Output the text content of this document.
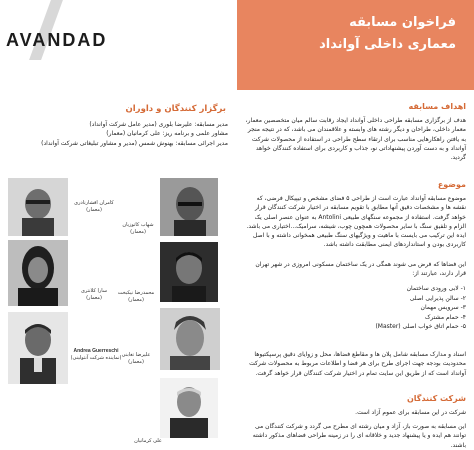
AVANDAD
فراخوان مسابقه
معماری داخلی آوانداد
برگزار کنندگان و داوران
مدیر مسابقه: علیرضا بلوری (مدیر عامل شرکت آوانداد)
مشاور علمی و برنامه ریز: علی کرمانیان (معمار)
مدیر اجرائی مسابقه: بهنوش شمس (مدیر و مشاور تبلیغاتی شرکت آوانداد)
کامران افشارنادری
(معمار)
شهاب کاتوزیان
(معمار)
سارا کلانتری
(معمار)
محمدرضا نیکبخت
(معمار)
Andrea Guerreschi
(نماینده شرکت آنتولینی) علیرضا تغابنی
(معمار)
علی کرمانیان
اهداف مسابقه
هدف از برگزاری مسابقه طراحی داخلی آوانداد ایجاد رقابت سالم میان متخصصین معمار، معمار داخلی، طراحان و دیگر رشته های وابسته و علاقمندان می باشد، که در نتیجه منجر به یافتن راهکارهایی مناسب برای ارتقاء سطح طراحی در استفاده از محصولات شرکت آوانداد و به دست آوردن پیشنهاداتی نو، جذاب و کاربردی برای استفاده کنندگان خواهد گردید.
موضوع
موضوع مسابقه آوانداد عبارت است از طراحی ۵ فضای مشخص و تیپیکال فرضی، که نقشه ها و مشخصات دقیق آنها مطابق با تقویم مسابقه در اختیار شرکت کنندگان قرار خواهد گرفت. استفاده از مجموعه سنگهای طبیعی Antolini به عنوان عنصر اصلی یک الزام و تلفیق سنگ با سایر محصولات همچون چوب، شیشه، سرامیک...اختیاری می باشد. ایده این ترکیب می بایست با ماهیت و ویژگیهای سنگ طبیعی همخوانی داشته و با اصل کاربردی بودن و استانداردهای ایمنی مطابقت داشته باشد.
این فضاها که فرض می شوند همگی در یک ساختمان مسکونی امروزی در شهر تهران قرار دارند، عبارتند از:
۱- لابی ورودی ساختمان
۲- سالن پذیرایی اصلی
۳- سرویس مهمان
۴- حمام مشترک
۵- حمام اتاق خواب اصلی (Master)
اسناد و مدارک مسابقه شامل پلان ها و مقاطع فضاها، محل و زوایای دقیق پرسپکتیوها محدودیت بودجه جهت اجرای طرح برای هر فضا و اطلاعات مربوط به محصولات شرکت آوانداد است که از طریق این سایت تمام در اختیار شرکت کنندگان قرار خواهد گرفت.
شرکت کنندگان
شرکت در این مسابقه برای عموم آزاد است.
این مسابقه به صورت باز، آزاد و میان رشته ای مطرح می گردد و شرکت کنندگان می توانند هم ایده و یا پیشنهاد جدید و خلاقانه ای را در زمینه طراحی فضاهای مذکور داشته باشند.
